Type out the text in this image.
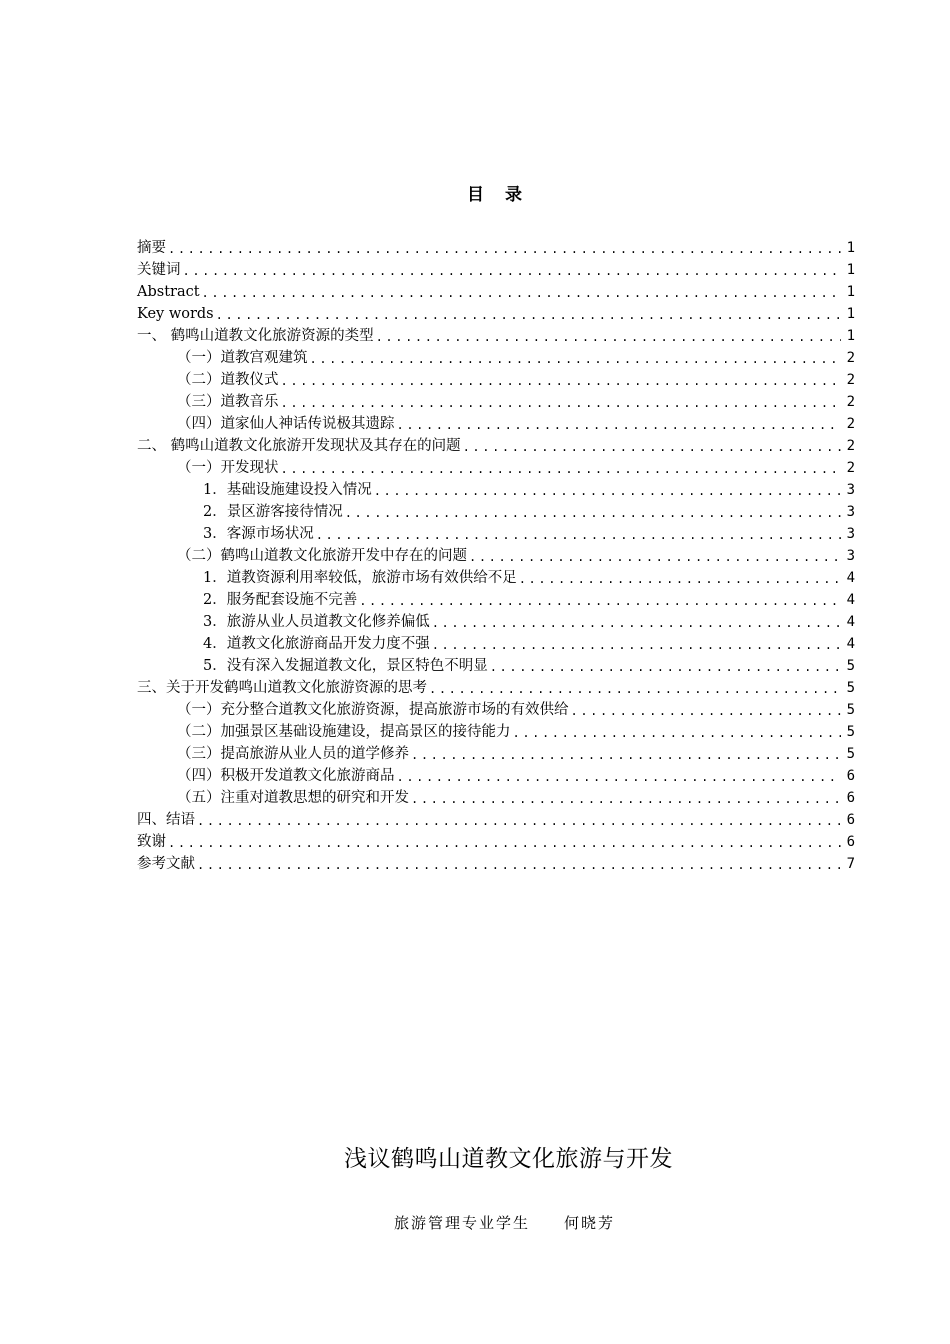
目 录
摘要 .....	1
关键词 .....	1
Abstract .....	1
Key words .....	1
一、 鹤鸣山道教文化旅游资源的类型 .....	1
（一）道教宫观建筑 .....	2
（二）道教仪式 .....	2
（三）道教音乐 .....	2
（四）道家仙人神话传说极其遗踪 .....	2
二、 鹤鸣山道教文化旅游开发现状及其存在的问题 .....	2
（一）开发现状 .....	2
1．基础设施建设投入情况 .....	3
2．景区游客接待情况 .....	3
3．客源市场状况 .....	3
（二）鹤鸣山道教文化旅游开发中存在的问题 .....	3
1．道教资源利用率较低，旅游市场有效供给不足 .....	4
2．服务配套设施不完善 .....	4
3．旅游从业人员道教文化修养偏低 .....	4
4．道教文化旅游商品开发力度不强 .....	4
5．没有深入发掘道教文化，景区特色不明显 .....	5
三、关于开发鹤鸣山道教文化旅游资源的思考 .....	5
（一）充分整合道教文化旅游资源，提高旅游市场的有效供给 .....	5
（二）加强景区基础设施建设，提高景区的接待能力 .....	5
（三）提高旅游从业人员的道学修养 .....	5
（四）积极开发道教文化旅游商品 .....	6
（五）注重对道教思想的研究和开发 .....	6
四、结语 .....	6
致谢 .....	6
参考文献 .....	7
浅议鹤鸣山道教文化旅游与开发
旅游管理专业学生 何晓芳
